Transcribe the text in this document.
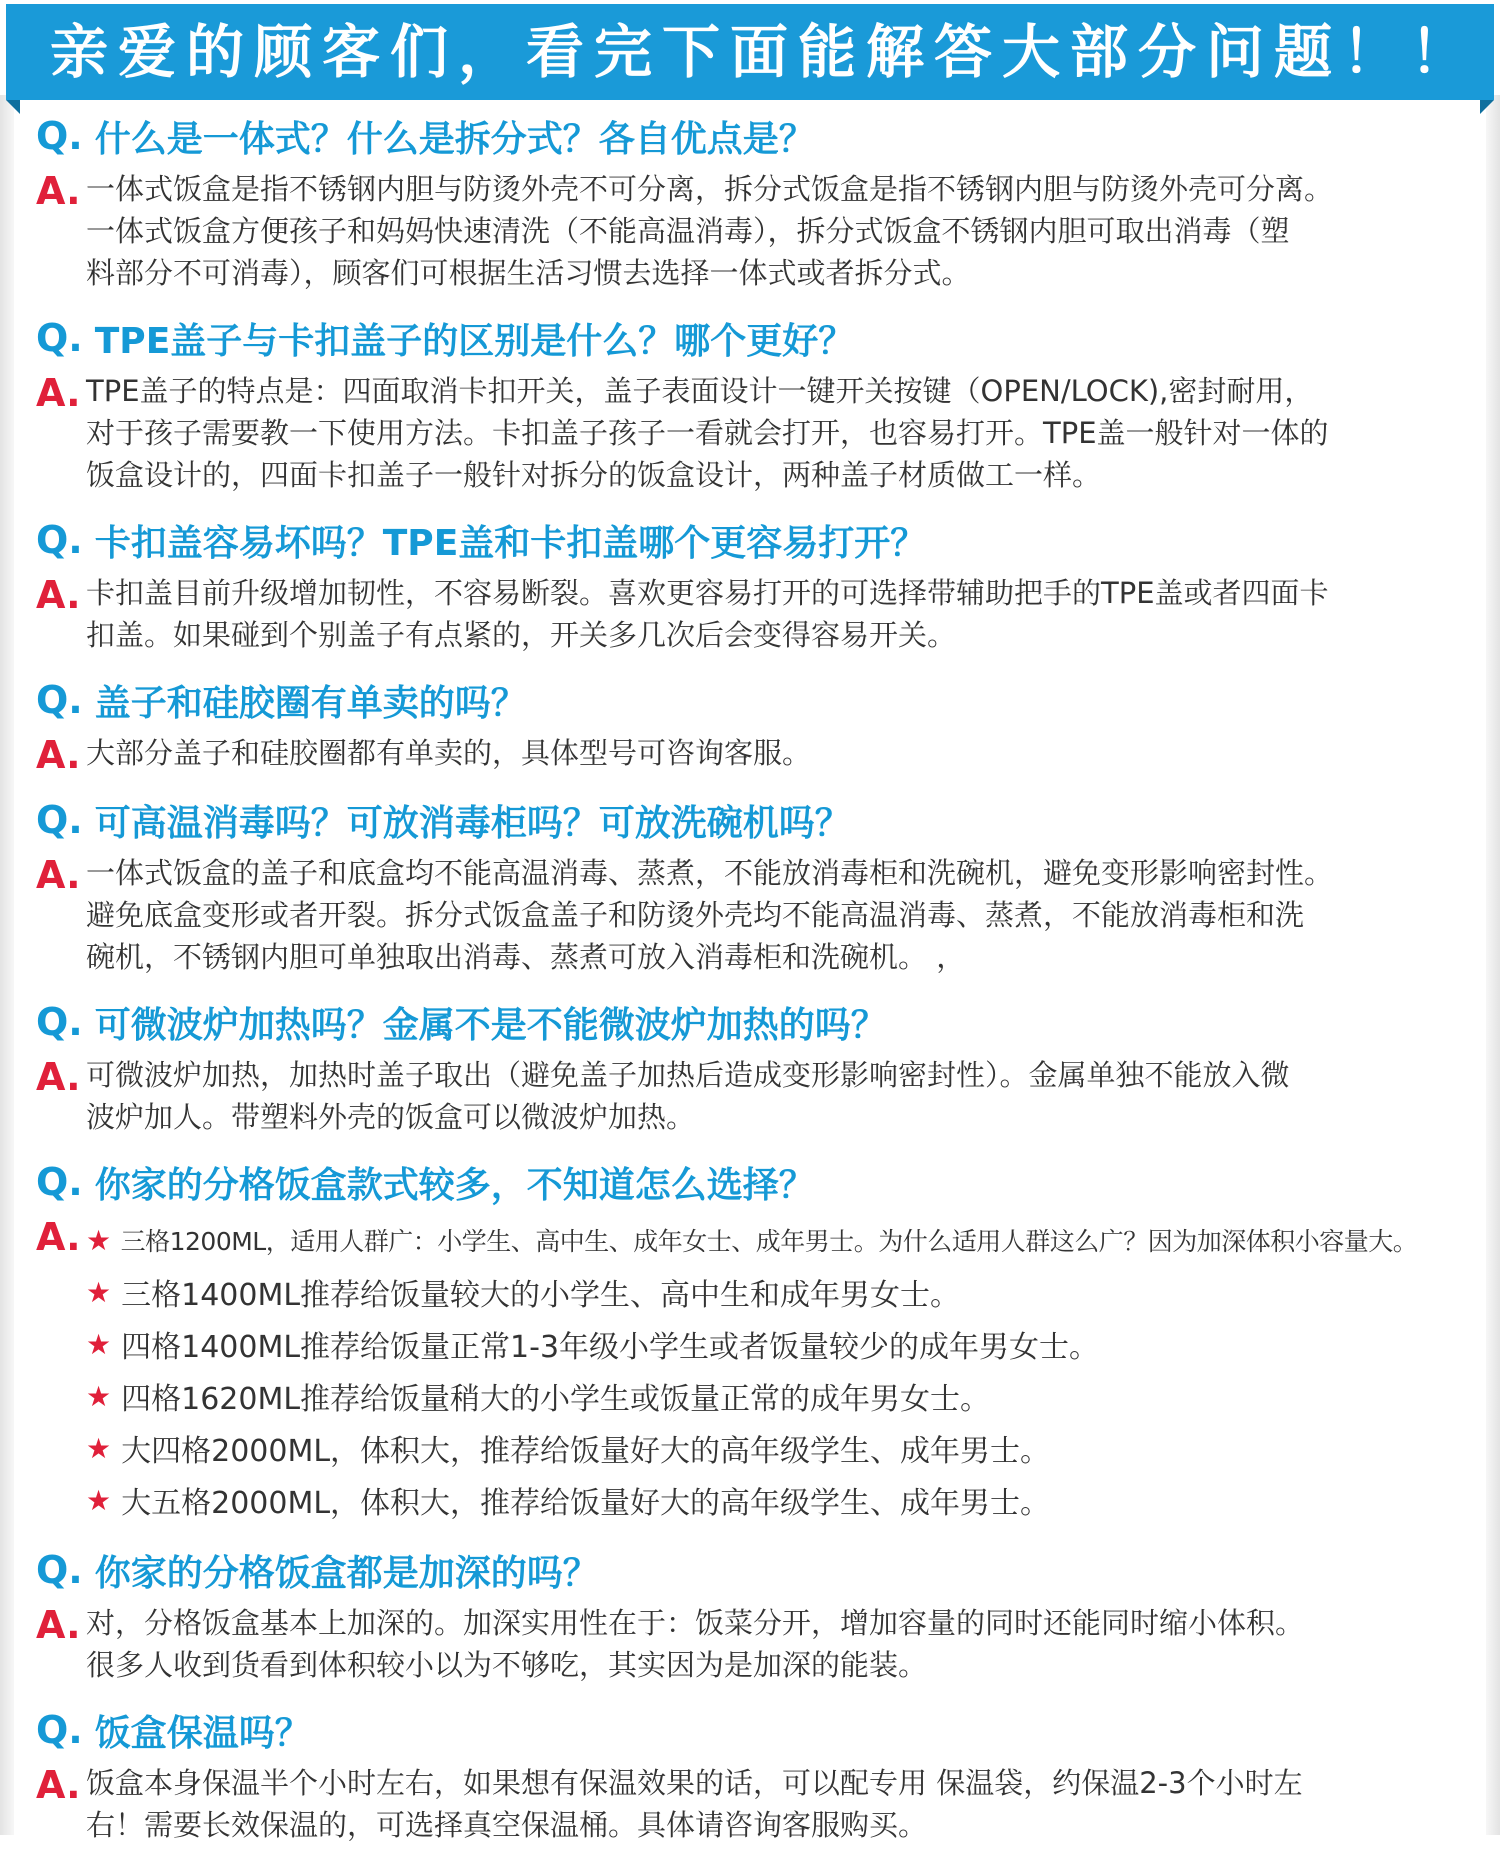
亲爱的顾客们，看完下面能解答大部分问题！！
Q. 什么是一体式？什么是拆分式？各自优点是？
A. 一体式饭盒是指不锈钢内胆与防烫外壳不可分离，拆分式饭盒是指不锈钢内胆与防烫外壳可分离。
一体式饭盒方便孩子和妈妈快速清洗（不能高温消毒），拆分式饭盒不锈钢内胆可取出消毒（塑
料部分不可消毒），顾客们可根据生活习惯去选择一体式或者拆分式。
Q. TPE盖子与卡扣盖子的区别是什么？哪个更好？
A. TPE盖子的特点是：四面取消卡扣开关，盖子表面设计一键开关按键（OPEN/LOCK),密封耐用，
对于孩子需要教一下使用方法。卡扣盖子孩子一看就会打开，也容易打开。TPE盖一般针对一体的
饭盒设计的，四面卡扣盖子一般针对拆分的饭盒设计，两种盖子材质做工一样。
Q. 卡扣盖容易坏吗？TPE盖和卡扣盖哪个更容易打开？
A. 卡扣盖目前升级增加韧性，不容易断裂。喜欢更容易打开的可选择带辅助把手的TPE盖或者四面卡
扣盖。如果碰到个别盖子有点紧的，开关多几次后会变得容易开关。
Q. 盖子和硅胶圈有单卖的吗？
A. 大部分盖子和硅胶圈都有单卖的，具体型号可咨询客服。
Q. 可高温消毒吗？可放消毒柜吗？可放洗碗机吗？
A. 一体式饭盒的盖子和底盒均不能高温消毒、蒸煮，不能放消毒柜和洗碗机，避免变形影响密封性。
避免底盒变形或者开裂。拆分式饭盒盖子和防烫外壳均不能高温消毒、蒸煮，不能放消毒柜和洗
碗机，不锈钢内胆可单独取出消毒、蒸煮可放入消毒柜和洗碗机。 ，
Q. 可微波炉加热吗？金属不是不能微波炉加热的吗？
A. 可微波炉加热，加热时盖子取出（避免盖子加热后造成变形影响密封性）。金属单独不能放入微
波炉加人。带塑料外壳的饭盒可以微波炉加热。
Q. 你家的分格饭盒款式较多，不知道怎么选择？
A. ★ 三格1200ML，适用人群广：小学生、高中生、成年女士、成年男士。为什么适用人群这么广？因为加深体积小容量大。
★ 三格1400ML推荐给饭量较大的小学生、高中生和成年男女士。
★ 四格1400ML推荐给饭量正常1-3年级小学生或者饭量较少的成年男女士。
★ 四格1620ML推荐给饭量稍大的小学生或饭量正常的成年男女士。
★ 大四格2000ML，体积大，推荐给饭量好大的高年级学生、成年男士。
★ 大五格2000ML，体积大，推荐给饭量好大的高年级学生、成年男士。
Q. 你家的分格饭盒都是加深的吗？
A. 对，分格饭盒基本上加深的。加深实用性在于：饭菜分开，增加容量的同时还能同时缩小体积。
很多人收到货看到体积较小以为不够吃，其实因为是加深的能装。
Q. 饭盒保温吗？
A. 饭盒本身保温半个小时左右，如果想有保温效果的话，可以配专用 保温袋，约保温2-3个小时左
右！需要长效保温的，可选择真空保温桶。具体请咨询客服购买。
